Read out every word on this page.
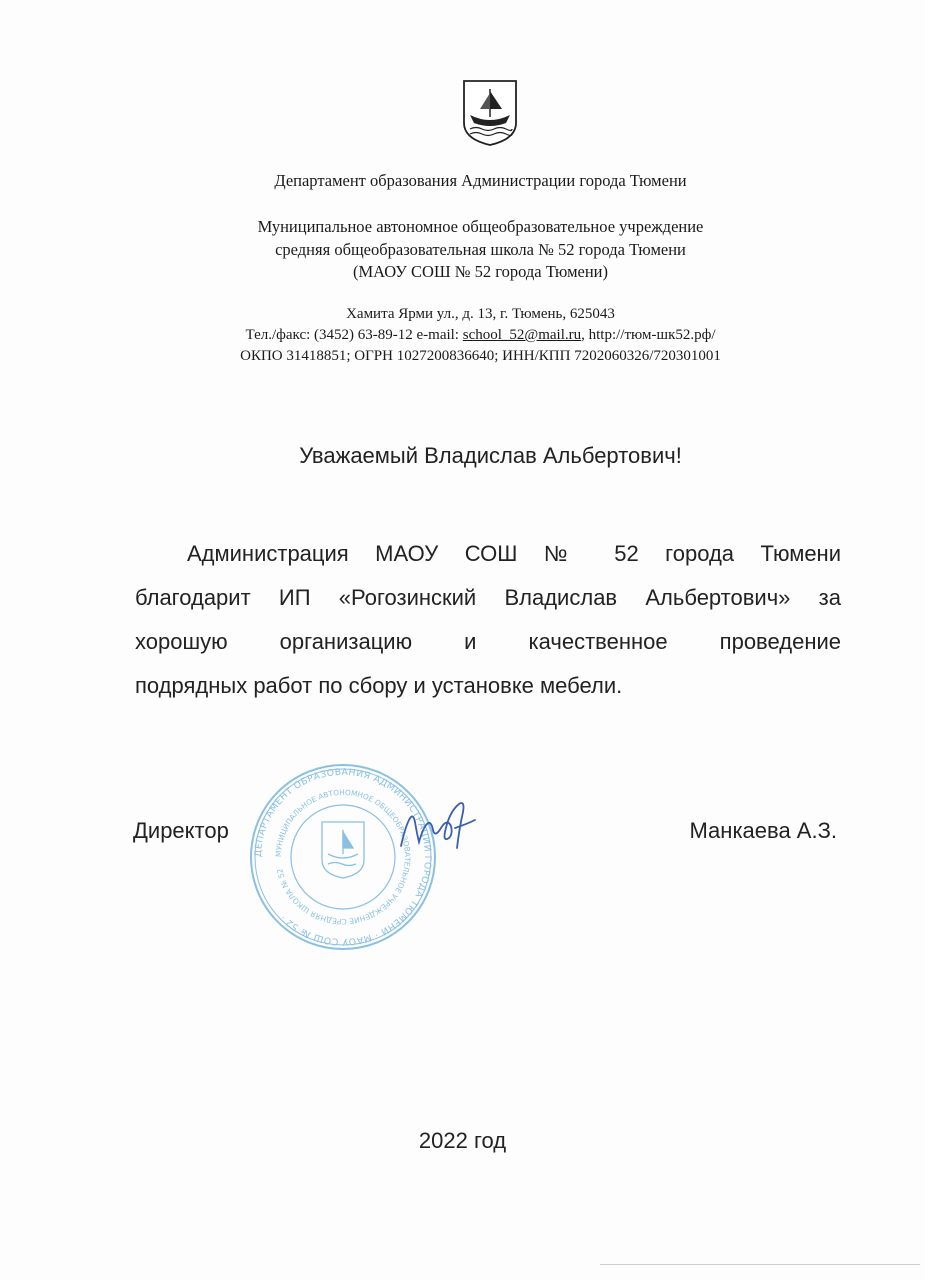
Департамент образования Администрации города Тюмени
Муниципальное автономное общеобразовательное учреждение
средняя общеобразовательная школа № 52 города Тюмени
(МАОУ СОШ № 52 города Тюмени)
Хамита Ярми ул., д. 13, г. Тюмень, 625043
Тел./факс: (3452) 63-89-12 e-mail: school_52@mail.ru, http://тюм-шк52.рф/
ОКПО 31418851; ОГРН 1027200836640; ИНН/КПП 7202060326/720301001
Уважаемый Владислав Альбертович!
Администрация МАОУ СОШ № 52 города Тюмени
благодарит ИП «Рогозинский Владислав Альбертович» за
хорошую организацию и качественное проведение
подрядных работ по сбору и установке мебели.
ДЕПАРТАМЕНТ ОБРАЗОВАНИЯ АДМИНИСТРАЦИИ ГОРОДА ТЮМЕНИ · МАОУ СОШ № 52 ·
МУНИЦИПАЛЬНОЕ АВТОНОМНОЕ ОБЩЕОБРАЗОВАТЕЛЬНОЕ УЧРЕЖДЕНИЕ СРЕДНЯЯ ШКОЛА № 52
Директор	Манкаева А.З.
2022 год
